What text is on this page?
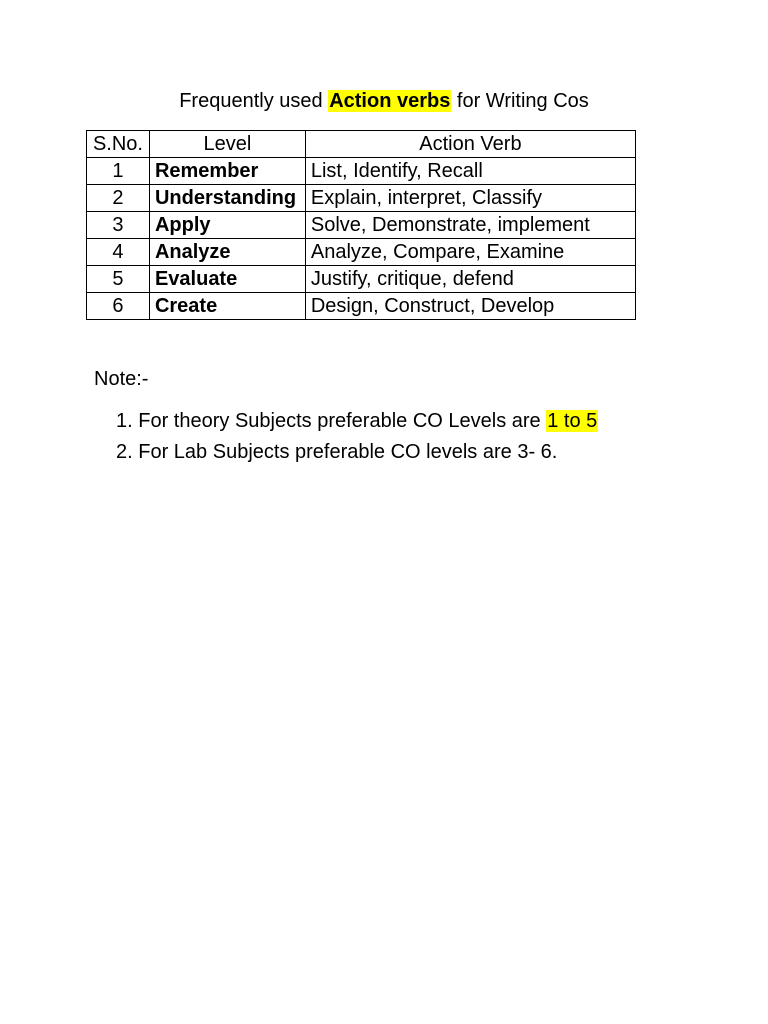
Frequently used Action verbs for Writing Cos
S.No.	Level	Action Verb
1	Remember	List, Identify, Recall
2	Understanding	Explain, interpret, Classify
3	Apply	Solve, Demonstrate, implement
4	Analyze	Analyze, Compare, Examine
5	Evaluate	Justify, critique, defend
6	Create	Design, Construct, Develop
Note:-
1. For theory Subjects preferable CO Levels are 1 to 5
2. For Lab Subjects preferable CO levels are 3- 6.
